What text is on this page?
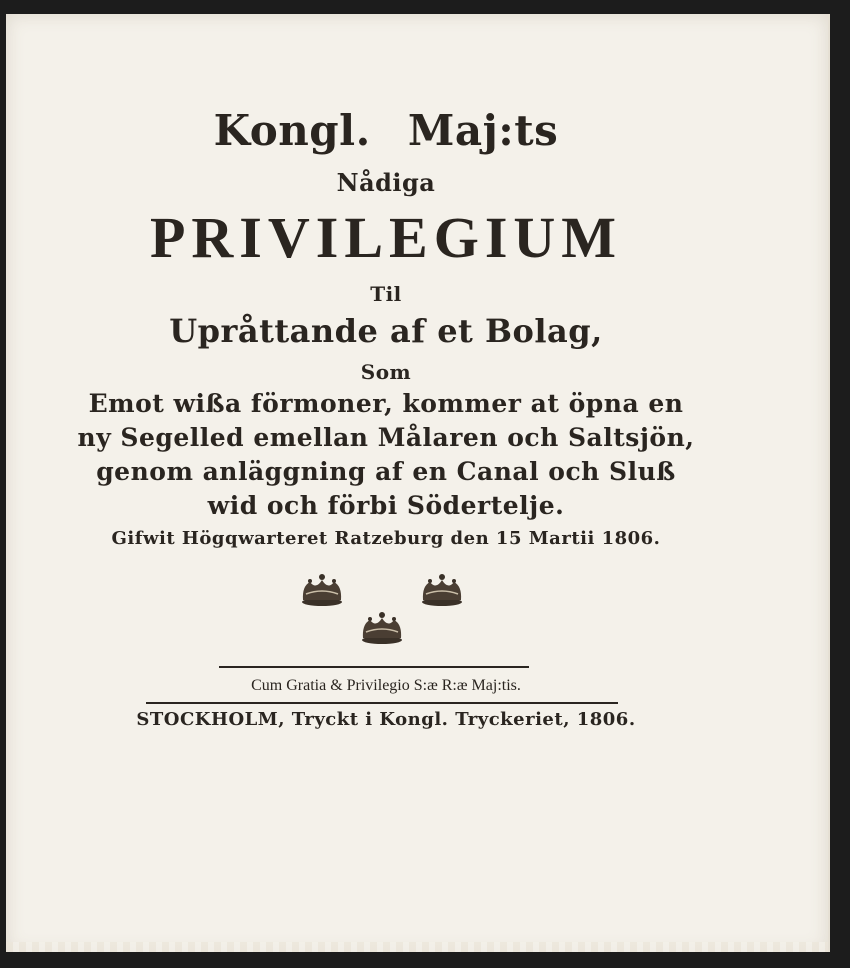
Kongl. Maj:ts
Nådiga
PRIVILEGIUM
Til
Upråttande af et Bolag,
Som
Emot wißa förmoner, kommer at öpna en
ny Segelled emellan Målaren och Saltsjön,
genom anläggning af en Canal och Sluß
wid och förbi Södertelje.
Gifwit Högqwarteret Ratzeburg den 15 Martii 1806.
Cum Gratia & Privilegio S:æ R:æ Maj:tis.
STOCKHOLM, Tryckt i Kongl. Tryckeriet, 1806.
